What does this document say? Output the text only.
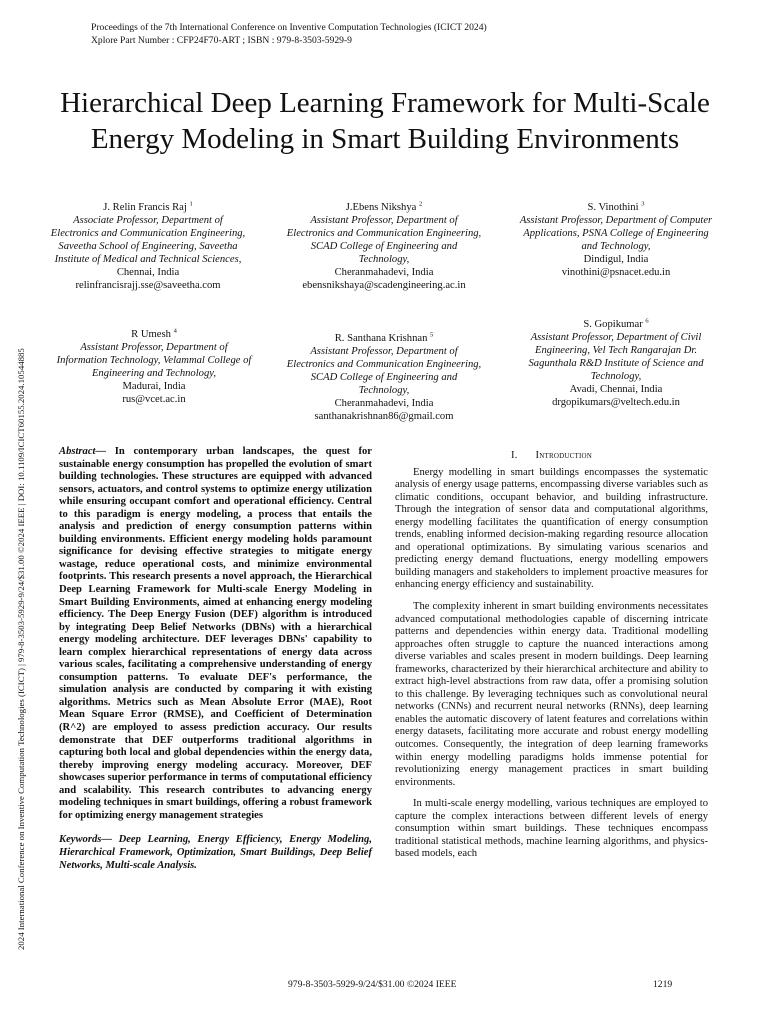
Proceedings of the 7th International Conference on Inventive Computation Technologies (ICICT 2024)
Xplore Part Number : CFP24F70-ART ; ISBN : 979-8-3503-5929-9
2024 International Conference on Inventive Computation Technologies (ICICT) | 979-8-3503-5929-9/24/$31.00 ©2024 IEEE | DOI: 10.1109/ICICT60155.2024.10544885
Hierarchical Deep Learning Framework for Multi-Scale Energy Modeling in Smart Building Environments
J. Relin Francis Raj $^1$
Associate Professor, Department of Electronics and Communication Engineering, Saveetha School of Engineering, Saveetha Institute of Medical and Technical Sciences,
Chennai, India
relinfrancisrajj.sse@saveetha.com
J.Ebens Nikshya $^2$
Assistant Professor, Department of Electronics and Communication Engineering, SCAD College of Engineering and Technology,
Cheranmahadevi, India
ebensnikshaya@scadengineering.ac.in
S. Vinothini $^3$
Assistant Professor, Department of Computer Applications, PSNA College of Engineering and Technology,
Dindigul, India
vinothini@psnacet.edu.in
R Umesh $^4$
Assistant Professor, Department of Information Technology, Velammal College of Engineering and Technology,
Madurai, India
rus@vcet.ac.in
R. Santhana Krishnan $^5$
Assistant Professor, Department of Electronics and Communication Engineering, SCAD College of Engineering and Technology,
Cheranmahadevi, India
santhanakrishnan86@gmail.com
S. Gopikumar $^6$
Assistant Professor, Department of Civil Engineering, Vel Tech Rangarajan Dr. Sagunthala R&D Institute of Science and Technology,
Avadi, Chennai, India
drgopikumars@veltech.edu.in

Abstract— In contemporary urban landscapes, the quest for sustainable energy consumption has propelled the evolution of smart building technologies. These structures are equipped with advanced sensors, actuators, and control systems to optimize energy utilization while ensuring occupant comfort and operational efficiency. Central to this paradigm is energy modeling, a process that entails the analysis and prediction of energy consumption patterns within building environments. Efficient energy modeling holds paramount significance for devising effective strategies to mitigate energy wastage, reduce operational costs, and minimize environmental footprints. This research presents a novel approach, the Hierarchical Deep Learning Framework for Multi-scale Energy Modeling in Smart Building Environments, aimed at enhancing energy modeling efficiency. The Deep Energy Fusion (DEF) algorithm is introduced by integrating Deep Belief Networks (DBNs) with a hierarchical energy modeling architecture. DEF leverages DBNs' capability to learn complex hierarchical representations of energy data across various scales, facilitating a comprehensive understanding of energy consumption patterns. To evaluate DEF's performance, the simulation analysis are conducted by comparing it with existing algorithms. Metrics such as Mean Absolute Error (MAE), Root Mean Square Error (RMSE), and Coefficient of Determination (R^2) are employed to assess prediction accuracy. Our results demonstrate that DEF outperforms traditional algorithms in capturing both local and global dependencies within the energy data, thereby improving energy modeling accuracy. Moreover, DEF showcases superior performance in terms of computational efficiency and scalability. This research contributes to advancing energy modeling techniques in smart buildings, offering a robust framework for optimizing energy management strategies

Keywords— Deep Learning, Energy Efficiency, Energy Modeling, Hierarchical Framework, Optimization, Smart Buildings, Deep Belief Networks, Multi-scale Analysis.

I. Introduction

Energy modelling in smart buildings encompasses the systematic analysis of energy usage patterns, encompassing diverse variables such as climatic conditions, occupant behavior, and building infrastructure. Through the integration of sensor data and computational algorithms, energy modelling facilitates the quantification of energy consumption trends, enabling informed decision-making regarding resource allocation and operational optimizations. By simulating various scenarios and predicting energy demand fluctuations, energy modelling empowers building managers and stakeholders to implement proactive measures for enhancing energy efficiency and sustainability.

The complexity inherent in smart building environments necessitates advanced computational methodologies capable of discerning intricate patterns and dependencies within energy data. Traditional modelling approaches often struggle to capture the nuanced interactions among diverse variables and scales present in modern buildings. Deep learning frameworks, characterized by their hierarchical architecture and ability to extract high-level abstractions from raw data, offer a promising solution to this challenge. By leveraging techniques such as convolutional neural networks (CNNs) and recurrent neural networks (RNNs), deep learning enables the automatic discovery of latent features and correlations within energy datasets, facilitating more accurate and robust energy modelling outcomes. Consequently, the integration of deep learning frameworks within energy modelling paradigms holds immense potential for revolutionizing energy management practices in smart building environments.

In multi-scale energy modelling, various techniques are employed to capture the complex interactions between different levels of energy consumption within smart buildings. These techniques encompass traditional statistical methods, machine learning algorithms, and physics-based models, each

979-8-3503-5929-9/24/$31.00 ©2024 IEEE	1219
